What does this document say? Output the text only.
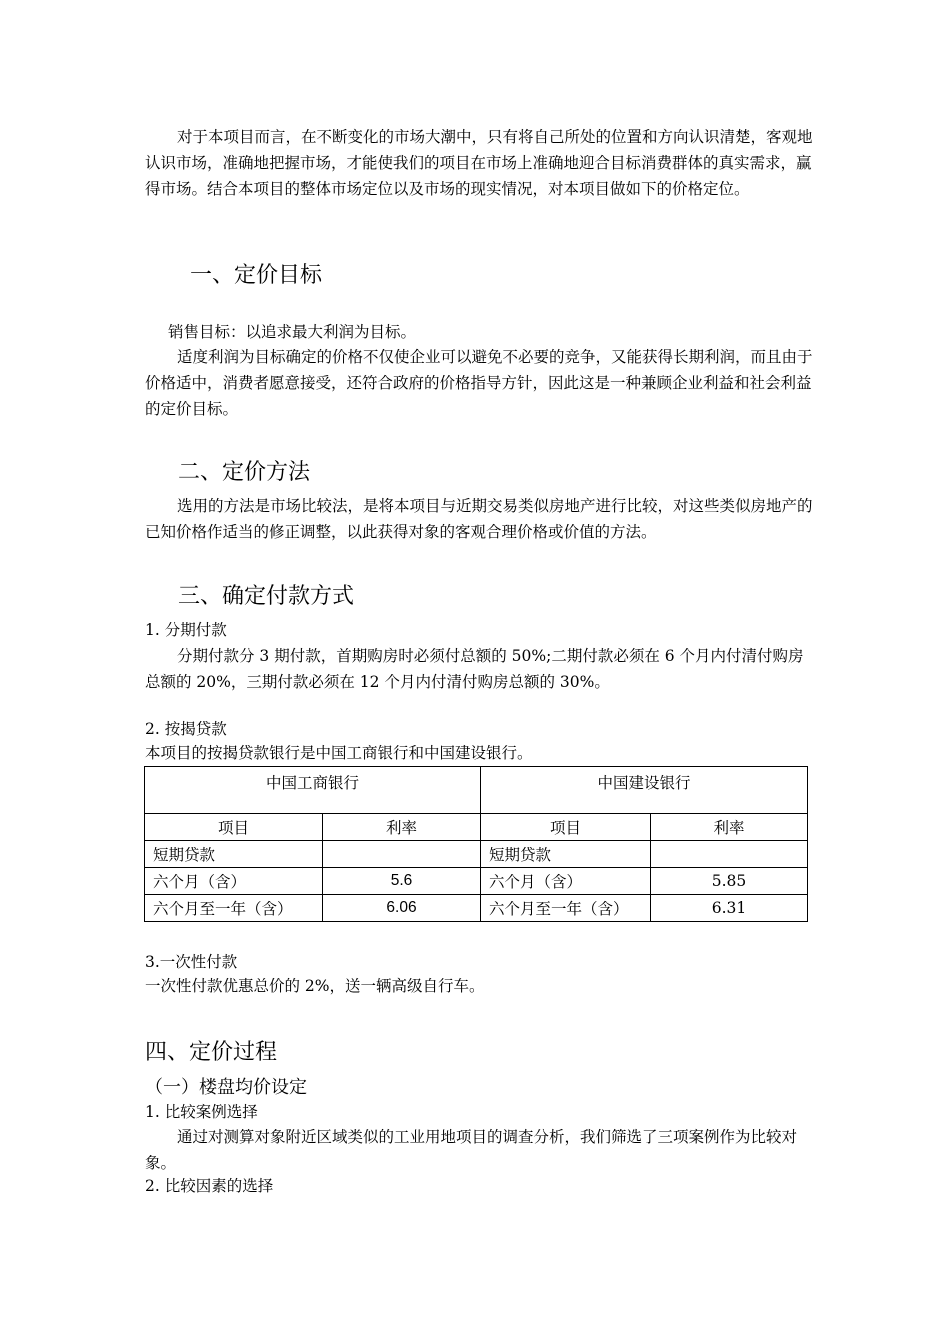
对于本项目而言，在不断变化的市场大潮中，只有将自己所处的位置和方向认识清楚，客观地认识市场，准确地把握市场，才能使我们的项目在市场上准确地迎合目标消费群体的真实需求，赢得市场。结合本项目的整体市场定位以及市场的现实情况，对本项目做如下的价格定位。
一、定价目标
销售目标：以追求最大利润为目标。
适度利润为目标确定的价格不仅使企业可以避免不必要的竞争，又能获得长期利润，而且由于价格适中，消费者愿意接受，还符合政府的价格指导方针，因此这是一种兼顾企业利益和社会利益的定价目标。
二、定价方法
选用的方法是市场比较法，是将本项目与近期交易类似房地产进行比较，对这些类似房地产的已知价格作适当的修正调整，以此获得对象的客观合理价格或价值的方法。
三、确定付款方式
1. 分期付款
分期付款分 3 期付款，首期购房时必须付总额的 50%;二期付款必须在 6 个月内付清付购房总额的 20%，三期付款必须在 12 个月内付清付购房总额的 30%。
2. 按揭贷款
本项目的按揭贷款银行是中国工商银行和中国建设银行。
中国工商银行		中国建设银行	
项目	利率	项目	利率
短期贷款		短期贷款	
六个月（含）	5.6	六个月（含）	5.85
六个月至一年（含）	6.06	六个月至一年（含）	6.31
3.一次性付款
一次性付款优惠总价的 2%，送一辆高级自行车。
四、定价过程
（一）楼盘均价设定
1. 比较案例选择
通过对测算对象附近区域类似的工业用地项目的调查分析，我们筛选了三项案例作为比较对象。
2. 比较因素的选择
